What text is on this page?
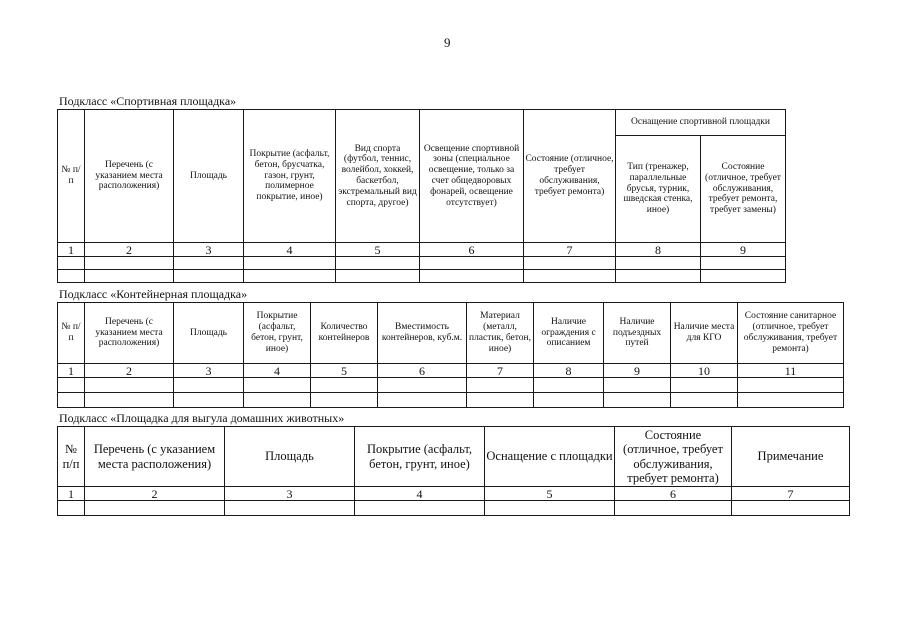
9
Подкласс «Спортивная площадка»
№ п/п	Перечень (с указанием места расположения)	Площадь	Покрытие (асфальт, бетон, брусчатка, газон, грунт, полимерное покрытие, иное)	Вид спорта (футбол, теннис, волейбол, хоккей, баскетбол, экстремальный вид спорта, другое)	Освещение спортивной зоны (специальное освещение, только за счет общедворовых фонарей, освещение отсутствует)	Состояние (отличное, требует обслуживания, требует ремонта)	Оснащение спортивной площадки	
							Тип (тренажер, параллельные брусья, турник, шведская стенка, иное)	Состояние (отличное, требует обслуживания, требует ремонта, требует замены)
1	2	3	4	5	6	7	8	9

Подкласс «Контейнерная площадка»
№ п/п	Перечень (с указанием места расположения)	Площадь	Покрытие (асфальт, бетон, грунт, иное)	Количество контейнеров	Вместимость контейнеров, куб.м.	Материал (металл, пластик, бетон, иное)	Наличие ограждения с описанием	Наличие подъездных путей	Наличие места для КГО	Состояние санитарное (отличное, требует обслуживания, требует ремонта)
1	2	3	4	5	6	7	8	9	10	11

Подкласс «Площадка для выгула домашних животных»
№ п/п	Перечень (с указанием места расположения)	Площадь	Покрытие (асфальт, бетон, грунт, иное)	Оснащение с площадки	Состояние (отличное, требует обслуживания, требует ремонта)	Примечание
1	2	3	4	5	6	7
